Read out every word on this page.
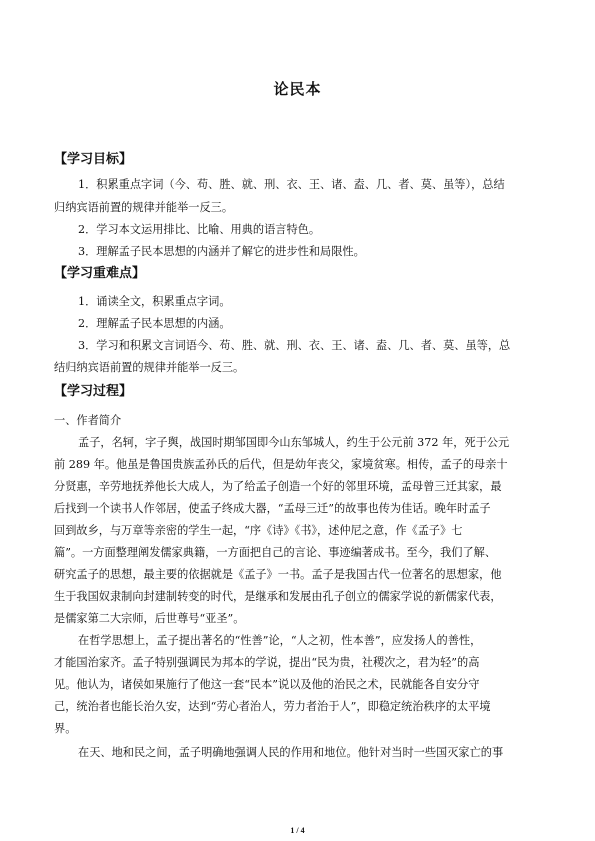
论民本
【学习目标】
1．积累重点字词（今、苟、胜、就、刑、衣、王、诸、盍、几、者、莫、虽等），总结
归纳宾语前置的规律并能举一反三。
2．学习本文运用排比、比喻、用典的语言特色。
3．理解孟子民本思想的内涵并了解它的进步性和局限性。
【学习重难点】
1．诵读全文，积累重点字词。
2．理解孟子民本思想的内涵。
3．学习和积累文言词语今、苟、胜、就、刑、衣、王、诸、盍、几、者、莫、虽等，总
结归纳宾语前置的规律并能举一反三。
【学习过程】
一、作者简介
孟子，名轲，字子舆，战国时期邹国即今山东邹城人，约生于公元前 372 年，死于公元
前 289 年。他虽是鲁国贵族孟孙氏的后代，但是幼年丧父，家境贫寒。相传，孟子的母亲十
分贤惠，辛劳地抚养他长大成人，为了给孟子创造一个好的邻里环境，孟母曾三迁其家，最
后找到一个读书人作邻居，使孟子终成大器，“孟母三迁”的故事也传为佳话。晚年时孟子
回到故乡，与万章等亲密的学生一起，“序《诗》《书》，述仲尼之意，作《孟子》七
篇”。一方面整理阐发儒家典籍，一方面把自己的言论、事迹编著成书。至今，我们了解、
研究孟子的思想，最主要的依据就是《孟子》一书。孟子是我国古代一位著名的思想家，他
生于我国奴隶制向封建制转变的时代，是继承和发展由孔子创立的儒家学说的新儒家代表，
是儒家第二大宗师，后世尊号“亚圣”。
在哲学思想上，孟子提出著名的“性善”论，“人之初，性本善”，应发扬人的善性，
才能国治家齐。孟子特别强调民为邦本的学说，提出“民为贵，社稷次之，君为轻”的高
见。他认为，诸侯如果施行了他这一套“民本”说以及他的治民之术，民就能各自安分守
己，统治者也能长治久安，达到“劳心者治人，劳力者治于人”，即稳定统治秩序的太平境
界。
在天、地和民之间，孟子明确地强调人民的作用和地位。他针对当时一些国灭家亡的事
1 / 4
